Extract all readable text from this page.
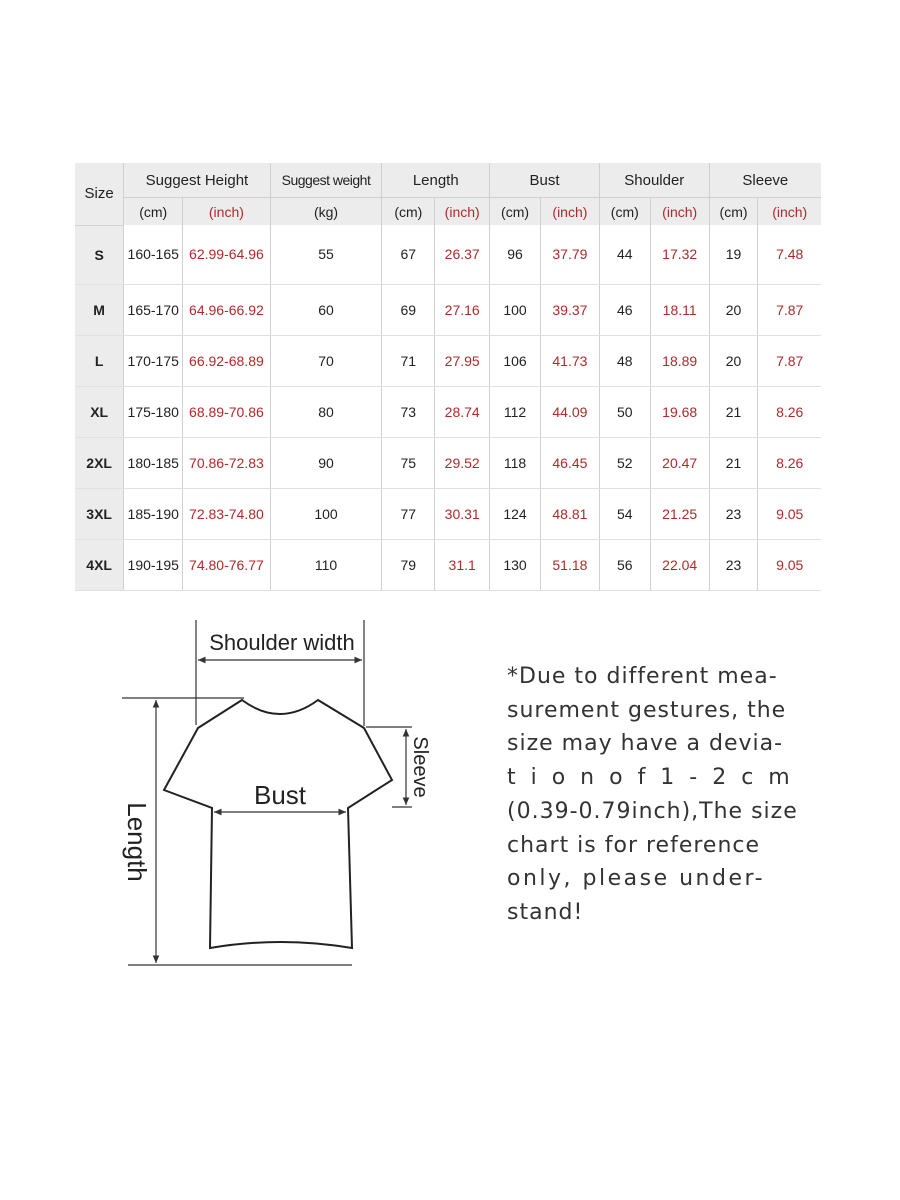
Size	Suggest Height		Suggest weight	Length		Bust		Shoulder		Sleeve	
	(cm)	(inch)	(kg)	(cm)	(inch)	(cm)	(inch)	(cm)	(inch)	(cm)	(inch)
S	160-165	62.99-64.96	55	67	26.37	96	37.79	44	17.32	19	7.48
M	165-170	64.96-66.92	60	69	27.16	100	39.37	46	18.11	20	7.87
L	170-175	66.92-68.89	70	71	27.95	106	41.73	48	18.89	20	7.87
XL	175-180	68.89-70.86	80	73	28.74	112	44.09	50	19.68	21	8.26
2XL	180-185	70.86-72.83	90	75	29.52	118	46.45	52	20.47	21	8.26
3XL	185-190	72.83-74.80	100	77	30.31	124	48.81	54	21.25	23	9.05
4XL	190-195	74.80-76.77	110	79	31.1	130	51.18	56	22.04	23	9.05
Shoulder width
Bust
Length
Sleeve
*Due to different mea-
surement gestures, the
size may have a devia-
t i o n o f 1 - 2 c m
(0.39-0.79inch),The size
chart is for reference
only, please under-
stand!
